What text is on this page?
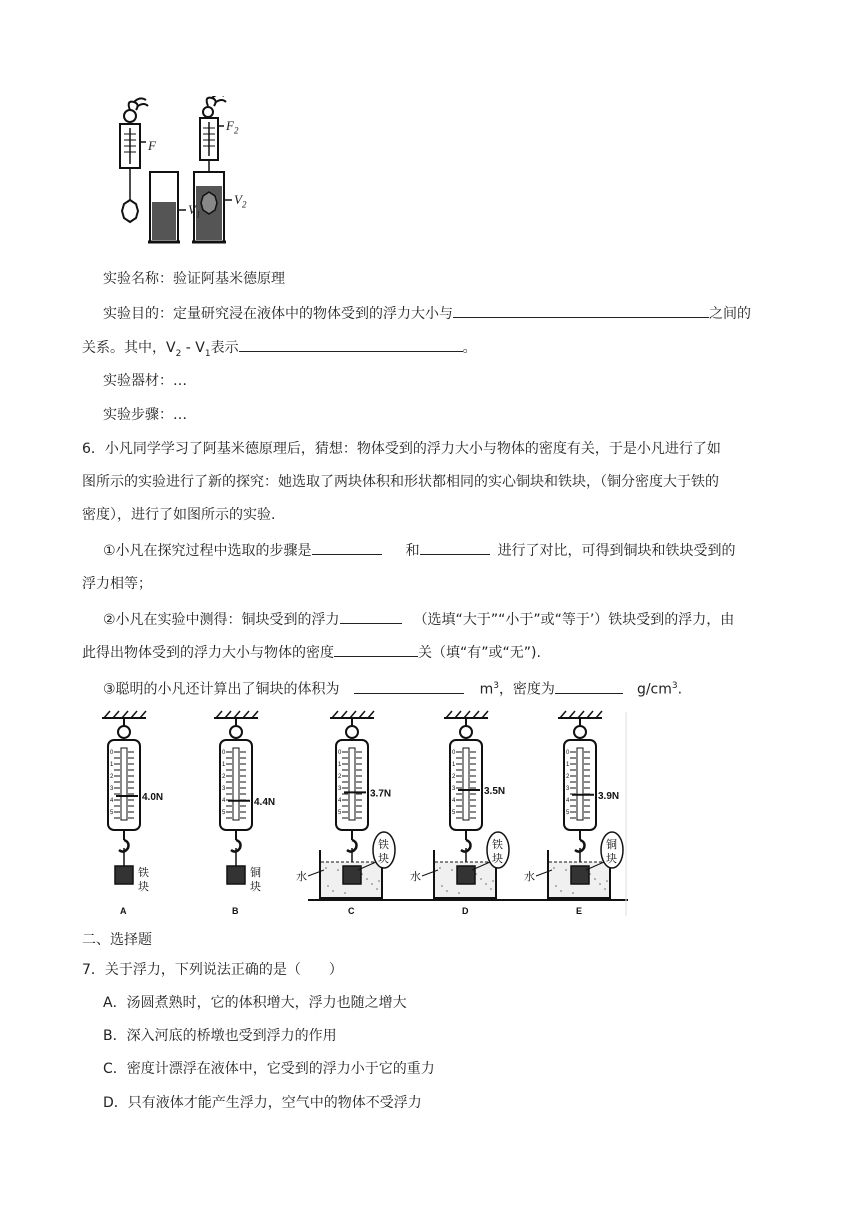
F
$F_2$
$V_1$
$V_2$
实验名称：验证阿基米德原理
实验目的：定量研究浸在液体中的物体受到的浮力大小与	之间的
关系。其中，$V_2 - V_1$表示	。
实验器材：…
实验步骤：…
6．小凡同学学习了阿基米德原理后，猜想：物体受到的浮力大小与物体的密度有关，于是小凡进行了如
图所示的实验进行了新的探究：她选取了两块体积和形状都相同的实心铜块和铁块，（铜分密度大于铁的
密度），进行了如图所示的实验.
①小凡在探究过程中选取的步骤是	和	进行了对比，可得到铜块和铁块受到的
浮力相等；
②小凡在实验中测得：铜块受到的浮力	（选填“大于”“小于”或“等于’）铁块受到的浮力，由
此得出物体受到的浮力大小与物体的密度	关（填“有”或“无”).
③聪明的小凡还计算出了铜块的体积为	$m^3$，密度为	$g/cm^3$.
0
1
2
3
4
5
4.0N
铁
块
A
0
1
2
3
4
5
4.4N
铜
块
B
0
1
2
3
4
5
3.7N
水
铁
块
C
0
1
2
3
4
5
3.5N
水
铁
块
D
0
1
2
3
4
5
3.9N
水
铜
块
E
二、选择题
7．关于浮力，下列说法正确的是（　　）
A．汤圆煮熟时，它的体积增大，浮力也随之增大
B．深入河底的桥墩也受到浮力的作用
C．密度计漂浮在液体中，它受到的浮力小于它的重力
D．只有液体才能产生浮力，空气中的物体不受浮力
